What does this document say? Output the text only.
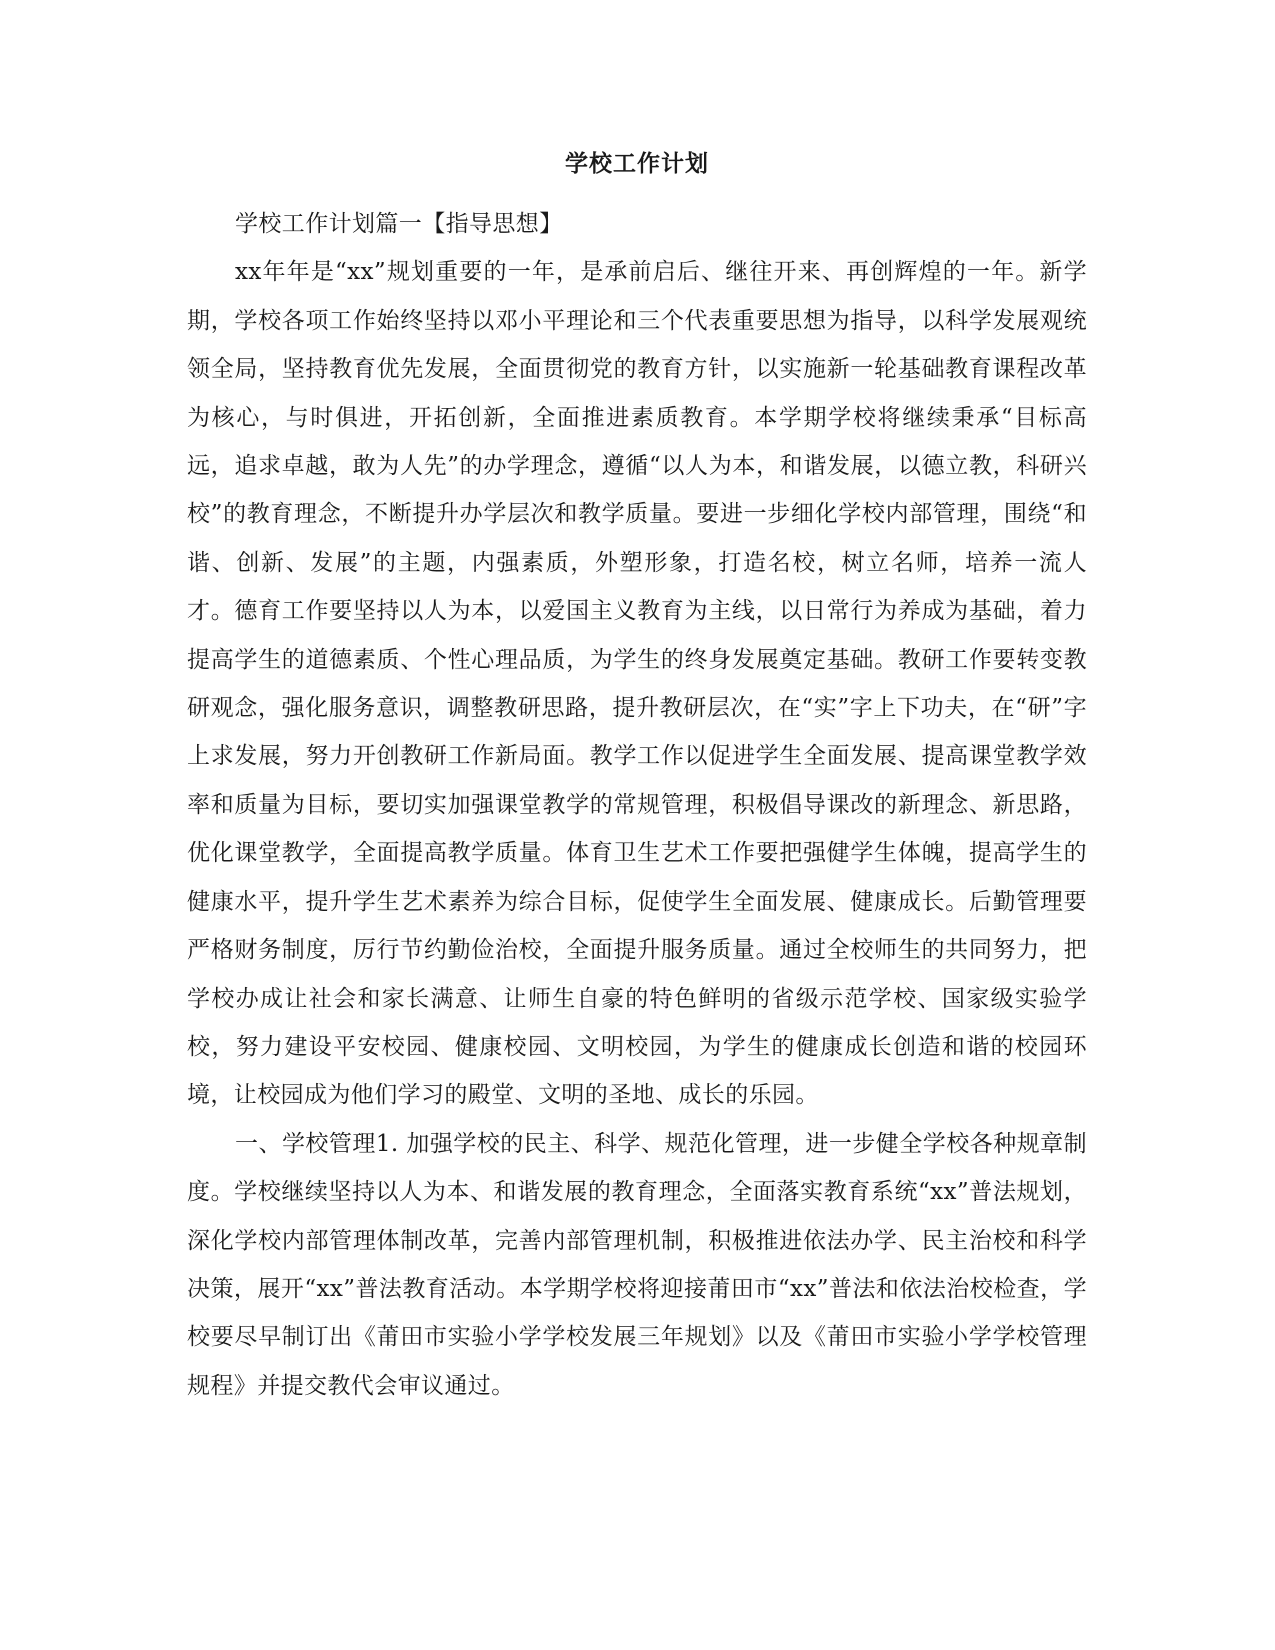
学校工作计划

学校工作计划篇一【指导思想】

xx年年是“xx”规划重要的一年，是承前启后、继往开来、再创辉煌的一年。新学期，学校各项工作始终坚持以邓小平理论和三个代表重要思想为指导，以科学发展观统领全局，坚持教育优先发展，全面贯彻党的教育方针，以实施新一轮基础教育课程改革为核心，与时俱进，开拓创新，全面推进素质教育。本学期学校将继续秉承“目标高远，追求卓越，敢为人先”的办学理念，遵循“以人为本，和谐发展，以德立教，科研兴校”的教育理念，不断提升办学层次和教学质量。要进一步细化学校内部管理，围绕“和谐、创新、发展”的主题，内强素质，外塑形象，打造名校，树立名师，培养一流人才。德育工作要坚持以人为本，以爱国主义教育为主线，以日常行为养成为基础，着力提高学生的道德素质、个性心理品质，为学生的终身发展奠定基础。教研工作要转变教研观念，强化服务意识，调整教研思路，提升教研层次，在“实”字上下功夫，在“研”字上求发展，努力开创教研工作新局面。教学工作以促进学生全面发展、提高课堂教学效率和质量为目标，要切实加强课堂教学的常规管理，积极倡导课改的新理念、新思路，优化课堂教学，全面提高教学质量。体育卫生艺术工作要把强健学生体魄，提高学生的健康水平，提升学生艺术素养为综合目标，促使学生全面发展、健康成长。后勤管理要严格财务制度，厉行节约勤俭治校，全面提升服务质量。通过全校师生的共同努力，把学校办成让社会和家长满意、让师生自豪的特色鲜明的省级示范学校、国家级实验学校，努力建设平安校园、健康校园、文明校园，为学生的健康成长创造和谐的校园环境，让校园成为他们学习的殿堂、文明的圣地、成长的乐园。

一、学校管理1. 加强学校的民主、科学、规范化管理，进一步健全学校各种规章制度。学校继续坚持以人为本、和谐发展的教育理念，全面落实教育系统“xx”普法规划，深化学校内部管理体制改革，完善内部管理机制，积极推进依法办学、民主治校和科学决策，展开“xx”普法教育活动。本学期学校将迎接莆田市“xx”普法和依法治校检查，学校要尽早制订出《莆田市实验小学学校发展三年规划》以及《莆田市实验小学学校管理规程》并提交教代会审议通过。
